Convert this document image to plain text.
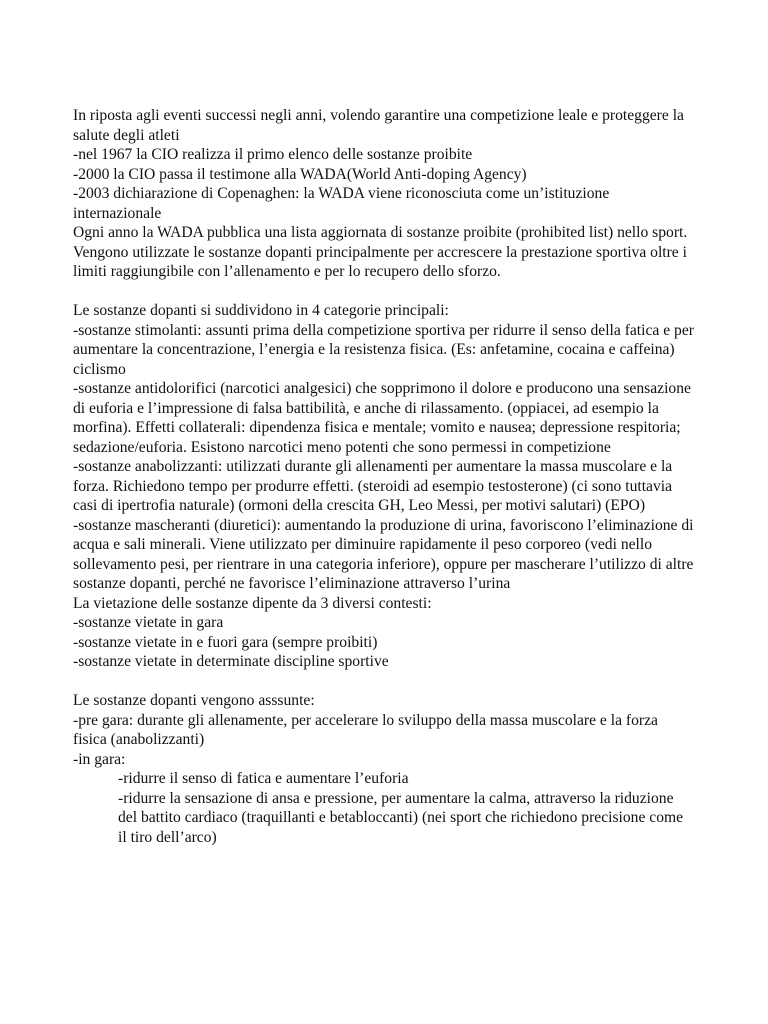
In riposta agli eventi successi negli anni, volendo garantire una competizione leale e proteggere la salute degli atleti

-nel 1967 la CIO realizza il primo elenco delle sostanze proibite

-2000 la CIO passa il testimone alla WADA(World Anti-doping Agency)

-2003 dichiarazione di Copenaghen: la WADA viene riconosciuta come un’istituzione internazionale

Ogni anno la WADA pubblica una lista aggiornata di sostanze proibite (prohibited list) nello sport.

Vengono utilizzate le sostanze dopanti principalmente per accrescere la prestazione sportiva oltre i limiti raggiungibile con l’allenamento e per lo recupero dello sforzo.

Le sostanze dopanti si suddividono in 4 categorie principali:

-sostanze stimolanti: assunti prima della competizione sportiva per ridurre il senso della fatica e per aumentare la concentrazione, l’energia e la resistenza fisica. (Es: anfetamine, cocaina e caffeina) ciclismo

-sostanze antidolorifici (narcotici analgesici) che sopprimono il dolore e producono una sensazione di euforia e l’impressione di falsa battibilità, e anche di rilassamento. (oppiacei, ad esempio la morfina). Effetti collaterali: dipendenza fisica e mentale; vomito e nausea; depressione respitoria; sedazione/euforia. Esistono narcotici meno potenti che sono permessi in competizione

-sostanze anabolizzanti: utilizzati durante gli allenamenti per aumentare la massa muscolare e la forza. Richiedono tempo per produrre effetti. (steroidi ad esempio testosterone) (ci sono tuttavia casi di ipertrofia naturale) (ormoni della crescita GH, Leo Messi, per motivi salutari) (EPO)

-sostanze mascheranti (diuretici): aumentando la produzione di urina, favoriscono l’eliminazione di acqua e sali minerali. Viene utilizzato per diminuire rapidamente il peso corporeo (vedi nello sollevamento pesi, per rientrare in una categoria inferiore), oppure per mascherare l’utilizzo di altre sostanze dopanti, perché ne favorisce l’eliminazione attraverso l’urina

La vietazione delle sostanze dipente da 3 diversi contesti:

-sostanze vietate in gara

-sostanze vietate in e fuori gara (sempre proibiti)

-sostanze vietate in determinate discipline sportive

Le sostanze dopanti vengono asssunte:

-pre gara: durante gli allenamente, per accelerare lo sviluppo della massa muscolare e la forza fisica (anabolizzanti)

-in gara:

-ridurre il senso di fatica e aumentare l’euforia

-ridurre la sensazione di ansa e pressione, per aumentare la calma, attraverso la riduzione del battito cardiaco (traquillanti e betabloccanti) (nei sport che richiedono precisione come il tiro dell’arco)
